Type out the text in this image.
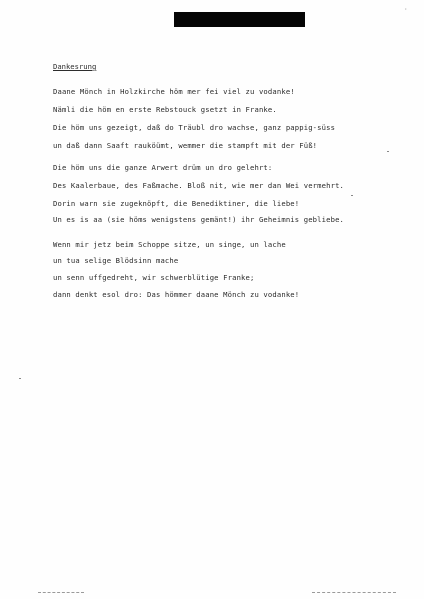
·
Dankesrung
Daane Mönch in Holzkirche höm mer fei viel zu vodanke!
Nämli die höm en erste Rebstouck gsetzt in Franke.
Die höm uns gezeigt, daß do Träubl dro wachse, ganz pappig-süss
un daß dann Saaft rauköümt, wemmer die stampft mit der Füß!
Die höm uns die ganze Arwert drüm un dro gelehrt:
Des Kaalerbaue, des Faßmache. Bloß nit, wie mer dan Wei vermehrt.
Dorin warn sie zugeknöpft, die Benediktiner, die liebe!
Un es is aa (sie höms wenigstens gemänt!) ihr Geheimnis gebliebe.
Wenn mir jetz beim Schoppe sitze, un singe, un lache
un tua selige Blödsinn mache
un senn uffgedreht, wir schwerblütige Franke;
dann denkt esol dro: Das hömmer daane Mönch zu vodanke!
